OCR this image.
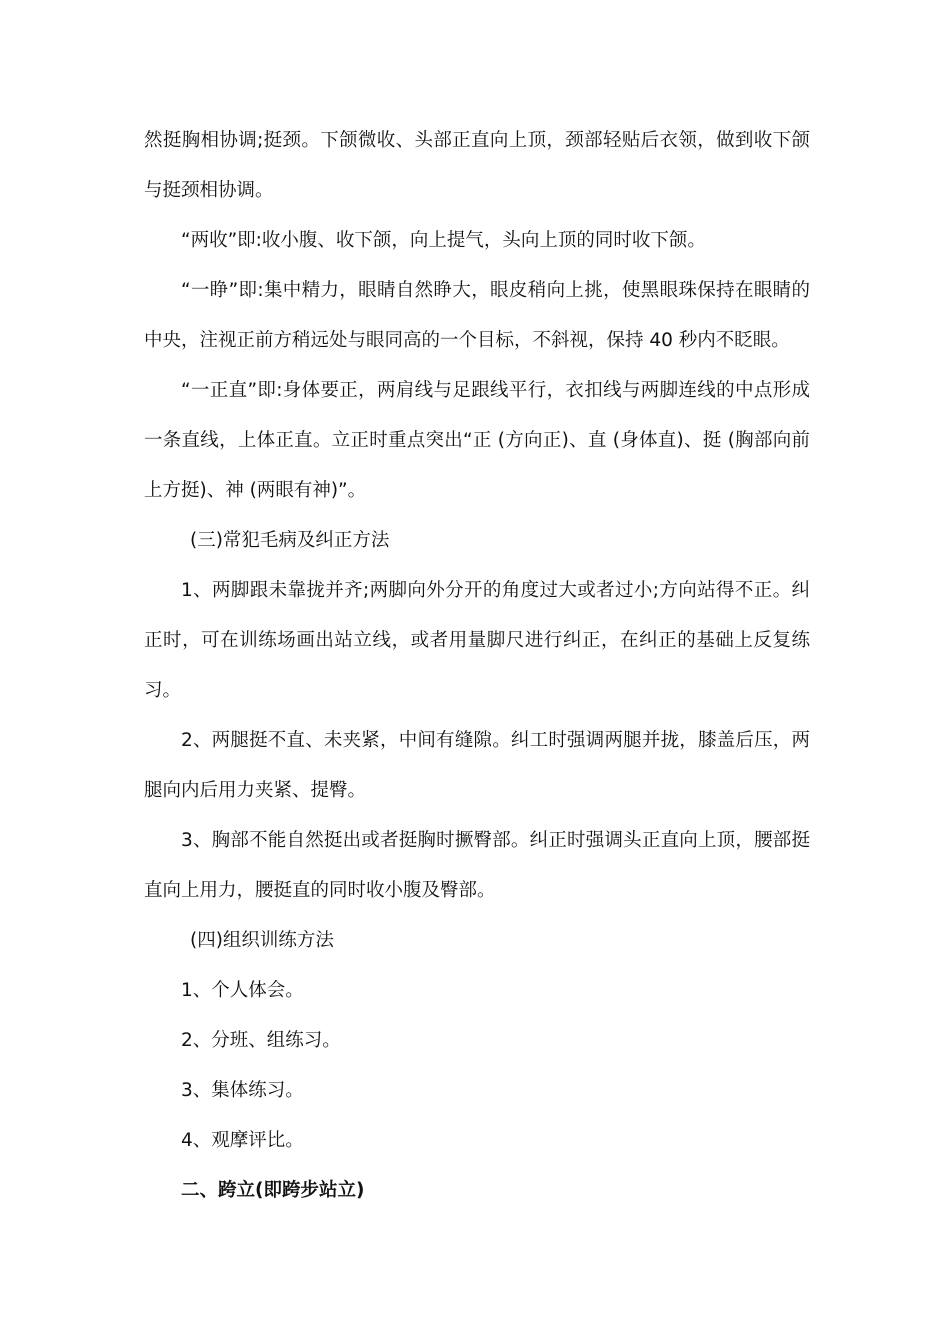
然挺胸相协调;挺颈。下颌微收、头部正直向上顶，颈部轻贴后衣领，做到收下颌与挺颈相协调。

“两收”即:收小腹、收下颌，向上提气，头向上顶的同时收下颌。

“一睁”即:集中精力，眼睛自然睁大，眼皮稍向上挑，使黑眼珠保持在眼睛的中央，注视正前方稍远处与眼同高的一个目标，不斜视，保持 40 秒内不眨眼。

“一正直”即:身体要正，两肩线与足跟线平行，衣扣线与两脚连线的中点形成一条直线，上体正直。立正时重点突出“正 (方向正)、直 (身体直)、挺 (胸部向前上方挺)、神 (两眼有神)”。

(三)常犯毛病及纠正方法

1、两脚跟未靠拢并齐;两脚向外分开的角度过大或者过小;方向站得不正。纠正时，可在训练场画出站立线，或者用量脚尺进行纠正，在纠正的基础上反复练习。

2、两腿挺不直、未夹紧，中间有缝隙。纠工时强调两腿并拢，膝盖后压，两腿向内后用力夹紧、提臀。

3、胸部不能自然挺出或者挺胸时撅臀部。纠正时强调头正直向上顶，腰部挺直向上用力，腰挺直的同时收小腹及臀部。

(四)组织训练方法

1、个人体会。

2、分班、组练习。

3、集体练习。

4、观摩评比。

二、跨立(即跨步站立)
